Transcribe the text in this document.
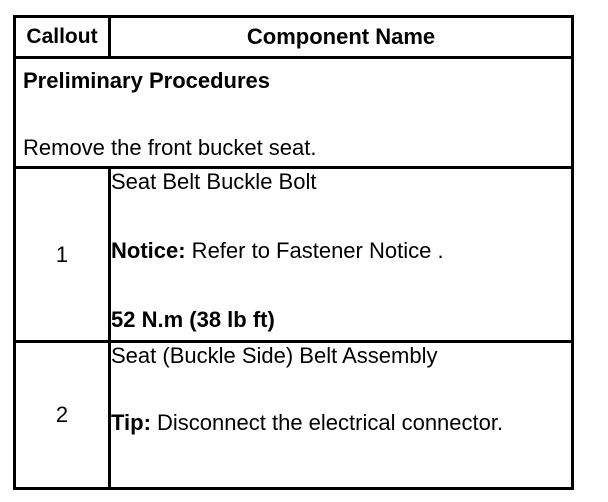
Callout	Component Name

Preliminary Procedures
Remove the front bucket seat.	

1	Seat Belt Buckle Bolt
Notice: Refer to Fastener Notice .
52 N.m (38 lb ft)

2	Seat (Buckle Side) Belt Assembly
Tip: Disconnect the electrical connector.
